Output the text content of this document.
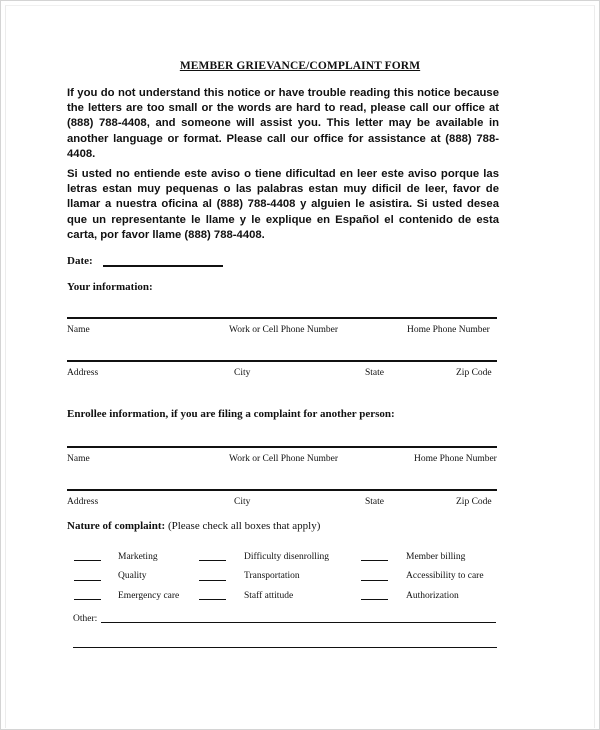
MEMBER GRIEVANCE/COMPLAINT FORM
If you do not understand this notice or have trouble reading this notice because the letters are too small or the words are hard to read, please call our office at (888) 788-4408, and someone will assist you. This letter may be available in another language or format. Please call our office for assistance at (888) 788-4408.
Si usted no entiende este aviso o tiene dificultad en leer este aviso porque las letras estan muy pequenas o las palabras estan muy dificil de leer, favor de llamar a nuestra oficina al (888) 788-4408 y alguien le asistira. Si usted desea que un representante le llame y le explique en Español el contenido de esta carta, por favor llame (888) 788-4408.
Date:
Your information:
Name	Work or Cell Phone Number	Home Phone Number
Address	City	State	Zip Code
Enrollee information, if you are filing a complaint for another person:
Name	Work or Cell Phone Number	Home Phone Number
Address	City	State	Zip Code
Nature of complaint: (Please check all boxes that apply)
Marketing	Difficulty disenrolling	Member billing
Quality	Transportation	Accessibility to care
Emergency care	Staff attitude	Authorization
Other:
